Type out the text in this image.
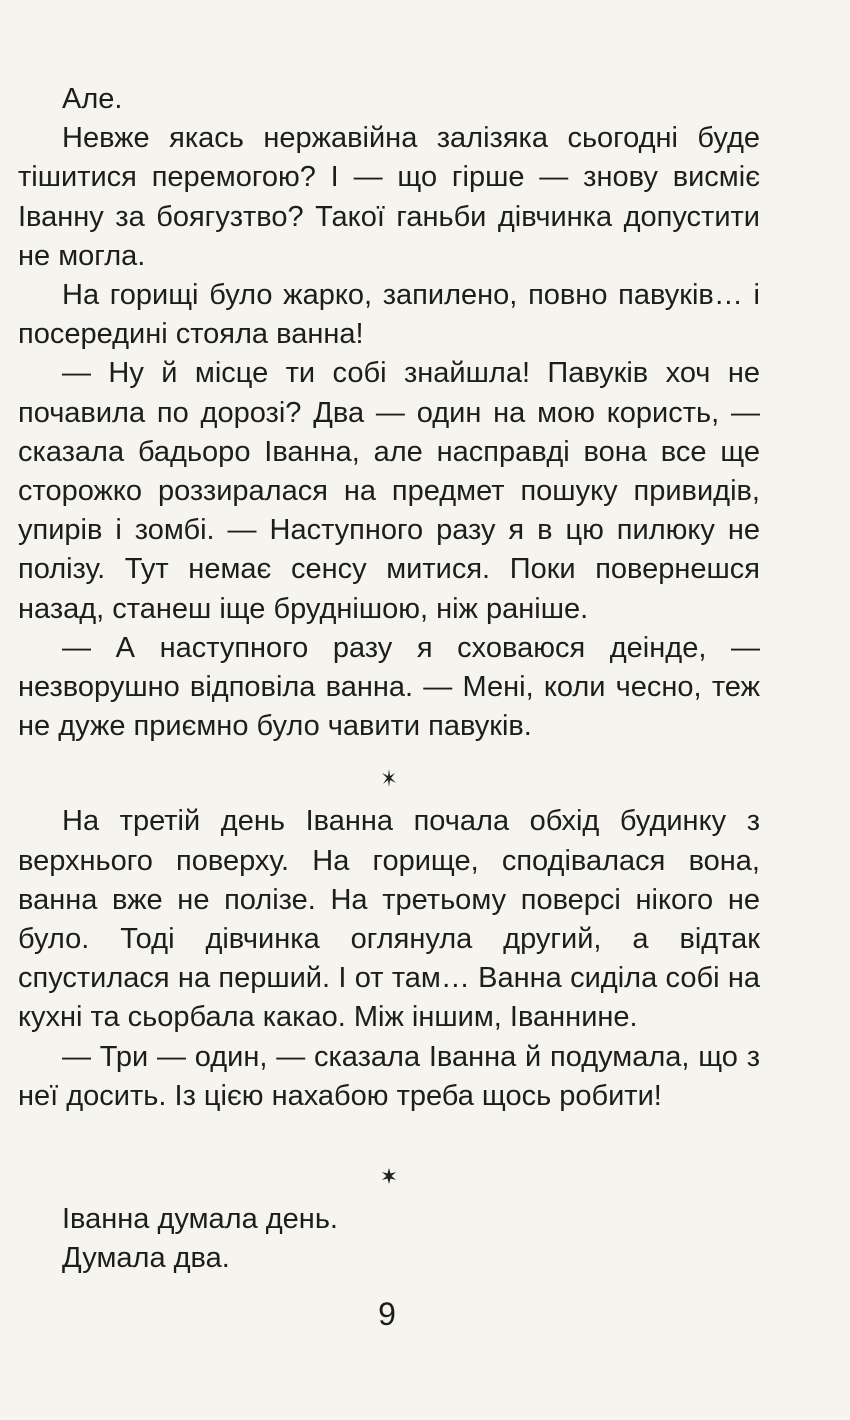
Але.

Невже якась нержавійна залізяка сьогодні буде тішитися перемогою? І — що гірше — знову висміє Іванну за боягузтво? Такої ганьби дівчинка допустити не могла.

На горищі було жарко, запилено, повно павуків… і посередині стояла ванна!

— Ну й місце ти собі знайшла! Павуків хоч не почавила по дорозі? Два — один на мою користь, — сказала бадьоро Іванна, але насправді вона все ще сторожко роззиралася на предмет пошуку привидів, упирів і зомбі. — Наступного разу я в цю пилюку не полізу. Тут немає сенсу митися. Поки повернешся назад, станеш іще бруднішою, ніж раніше.

— А наступного разу я сховаюся деінде, — незворушно відповіла ванна. — Мені, коли чесно, теж не дуже приємно було чавити павуків.

На третій день Іванна почала обхід будинку з верхнього поверху. На горище, сподівалася вона, ванна вже не полізе. На третьому поверсі нікого не було. Тоді дівчинка оглянула другий, а відтак спустилася на перший. І от там… Ванна сиділа собі на кухні та сьорбала какао. Між іншим, Іваннине.

— Три — один, — сказала Іванна й подумала, що з неї досить. Із цією нахабою треба щось робити!

Іванна думала день.

Думала два.

9
